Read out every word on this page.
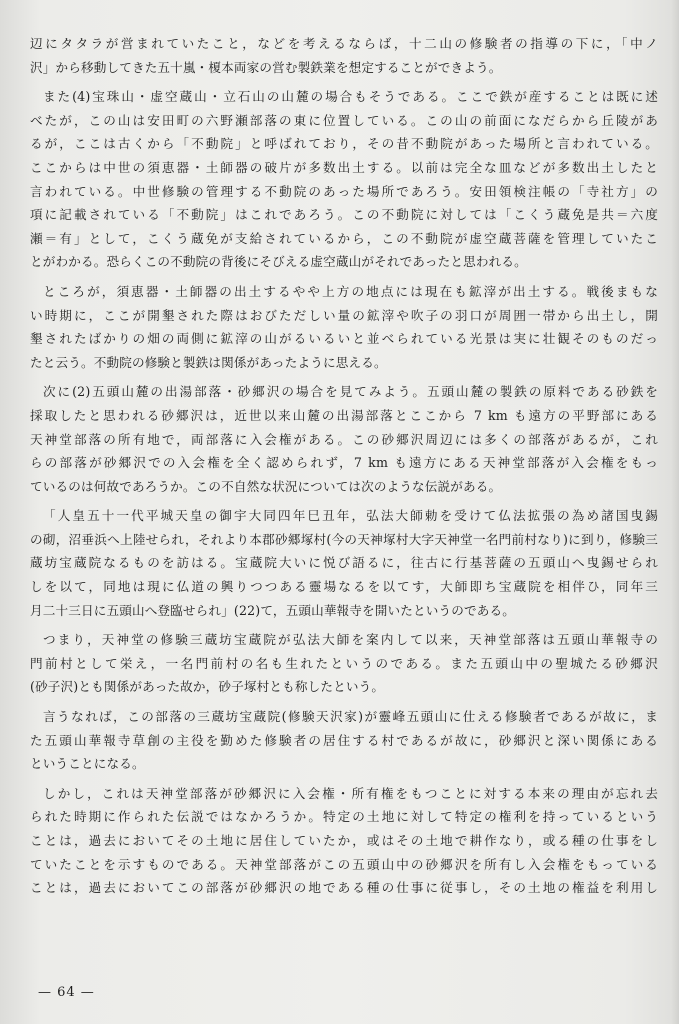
辺にタタラが営まれていたこと，などを考えるならば，十二山の修験者の指導の下に，「中ノ
沢」から移動してきた五十嵐・榎本両家の営む製鉄業を想定することができよう。
また(4)宝珠山・虚空蔵山・立石山の山麓の場合もそうである。ここで鉄が産することは既に述
べたが，この山は安田町の六野瀬部落の東に位置している。この山の前面になだらから丘陵があ
るが，ここは古くから「不動院」と呼ばれており，その昔不動院があった場所と言われている。
ここからは中世の須恵器・土師器の破片が多数出土する。以前は完全な皿などが多数出土したと
言われている。中世修験の管理する不動院のあった場所であろう。安田領検注帳の「寺社方」の
項に記載されている「不動院」はこれであろう。この不動院に対しては「こくう蔵免是共＝六度
瀬＝有」として，こくう蔵免が支給されているから，この不動院が虚空蔵菩薩を管理していたこ
とがわかる。恐らくこの不動院の背後にそびえる虚空蔵山がそれであったと思われる。
ところが，須恵器・土師器の出土するやや上方の地点には現在も鉱滓が出土する。戦後まもな
い時期に，ここが開墾された際はおびただしい量の鉱滓や吹子の羽口が周囲一帯から出土し，開
墾されたばかりの畑の両側に鉱滓の山がるいるいと並べられている光景は実に壮観そのものだっ
たと云う。不動院の修験と製鉄は関係があったように思える。
次に(2)五頭山麓の出湯部落・砂郷沢の場合を見てみよう。五頭山麓の製鉄の原料である砂鉄を
採取したと思われる砂郷沢は，近世以来山麓の出湯部落とここから 7 km も遠方の平野部にある
天神堂部落の所有地で，両部落に入会権がある。この砂郷沢周辺には多くの部落があるが，これ
らの部落が砂郷沢での入会権を全く認められず，7 km も遠方にある天神堂部落が入会権をもっ
ているのは何故であろうか。この不自然な状況については次のような伝説がある。
「人皇五十一代平城天皇の御宇大同四年巳丑年，弘法大師勅を受けて仏法拡張の為め諸国曳錫
の砌，沼垂浜へ上陸せられ，それより本郡砂郷塚村(今の天神塚村大字天神堂一名門前村なり)に到り，修験三
蔵坊宝蔵院なるものを訪はる。宝蔵院大いに悦び語るに，往古に行基菩薩の五頭山へ曳錫せられ
しを以て，同地は現に仏道の興りつつある靈場なるを以てす，大師即ち宝蔵院を相伴ひ，同年三
月二十三日に五頭山へ登臨せられ」(22)て，五頭山華報寺を開いたというのである。
つまり，天神堂の修験三蔵坊宝蔵院が弘法大師を案内して以来，天神堂部落は五頭山華報寺の
門前村として栄え，一名門前村の名も生れたというのである。また五頭山中の聖城たる砂郷沢
(砂子沢)とも関係があった故か，砂子塚村とも称したという。
言うなれば，この部落の三蔵坊宝蔵院(修験天沢家)が靈峰五頭山に仕える修験者であるが故に，ま
た五頭山華報寺草創の主役を勤めた修験者の居住する村であるが故に，砂郷沢と深い関係にある
ということになる。
しかし，これは天神堂部落が砂郷沢に入会権・所有権をもつことに対する本来の理由が忘れ去
られた時期に作られた伝説ではなかろうか。特定の土地に対して特定の権利を持っているという
ことは，過去においてその土地に居住していたか，或はその土地で耕作なり，或る種の仕事をし
ていたことを示すものである。天神堂部落がこの五頭山中の砂郷沢を所有し入会権をもっている
ことは，過去においてこの部落が砂郷沢の地である種の仕事に従事し，その土地の権益を利用し
— 64 —
